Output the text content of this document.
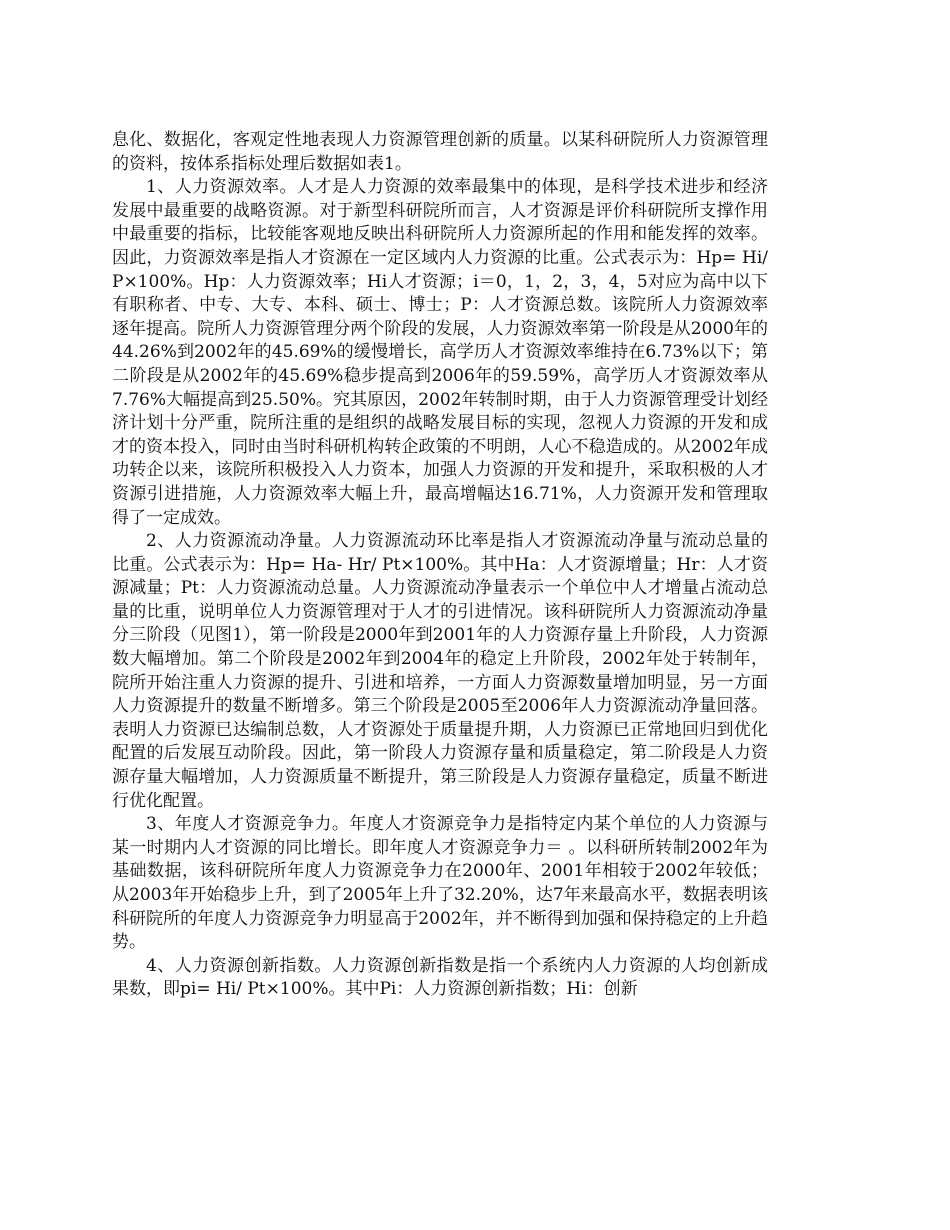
息化、数据化，客观定性地表现人力资源管理创新的质量。以某科研院所人力资源管理的资料，按体系指标处理后数据如表1。

1、人力资源效率。人才是人力资源的效率最集中的体现，是科学技术进步和经济发展中最重要的战略资源。对于新型科研院所而言，人才资源是评价科研院所支撑作用中最重要的指标，比较能客观地反映出科研院所人力资源所起的作用和能发挥的效率。因此，力资源效率是指人才资源在一定区域内人力资源的比重。公式表示为：Hp= Hi/ P×100%。Hp：人力资源效率；Hi人才资源；i＝0，1，2，3，4，5对应为高中以下有职称者、中专、大专、本科、硕士、博士；P：人才资源总数。该院所人力资源效率逐年提高。院所人力资源管理分两个阶段的发展，人力资源效率第一阶段是从2000年的44.26%到2002年的45.69%的缓慢增长，高学历人才资源效率维持在6.73%以下；第二阶段是从2002年的45.69%稳步提高到2006年的59.59%，高学历人才资源效率从7.76%大幅提高到25.50%。究其原因，2002年转制时期，由于人力资源管理受计划经济计划十分严重，院所注重的是组织的战略发展目标的实现，忽视人力资源的开发和成才的资本投入，同时由当时科研机构转企政策的不明朗，人心不稳造成的。从2002年成功转企以来，该院所积极投入人力资本，加强人力资源的开发和提升，采取积极的人才资源引进措施，人力资源效率大幅上升，最高增幅达16.71%，人力资源开发和管理取得了一定成效。

2、人力资源流动净量。人力资源流动环比率是指人才资源流动净量与流动总量的比重。公式表示为：Hp= Ha- Hr/ Pt×100%。其中Ha：人才资源增量；Hr：人才资源减量；Pt：人力资源流动总量。人力资源流动净量表示一个单位中人才增量占流动总量的比重，说明单位人力资源管理对于人才的引进情况。该科研院所人力资源流动净量分三阶段（见图1），第一阶段是2000年到2001年的人力资源存量上升阶段，人力资源数大幅增加。第二个阶段是2002年到2004年的稳定上升阶段，2002年处于转制年，院所开始注重人力资源的提升、引进和培养，一方面人力资源数量增加明显，另一方面人力资源提升的数量不断增多。第三个阶段是2005至2006年人力资源流动净量回落。表明人力资源已达编制总数，人才资源处于质量提升期，人力资源已正常地回归到优化配置的后发展互动阶段。因此，第一阶段人力资源存量和质量稳定，第二阶段是人力资源存量大幅增加，人力资源质量不断提升，第三阶段是人力资源存量稳定，质量不断进行优化配置。

3、年度人才资源竞争力。年度人才资源竞争力是指特定内某个单位的人力资源与某一时期内人才资源的同比增长。即年度人才资源竞争力＝ 。以科研所转制2002年为基础数据，该科研院所年度人力资源竞争力在2000年、2001年相较于2002年较低；从2003年开始稳步上升，到了2005年上升了32.20%，达7年来最高水平，数据表明该科研院所的年度人力资源竞争力明显高于2002年，并不断得到加强和保持稳定的上升趋势。

4、人力资源创新指数。人力资源创新指数是指一个系统内人力资源的人均创新成果数，即pi= Hi/ Pt×100%。其中Pi：人力资源创新指数；Hi：创新
